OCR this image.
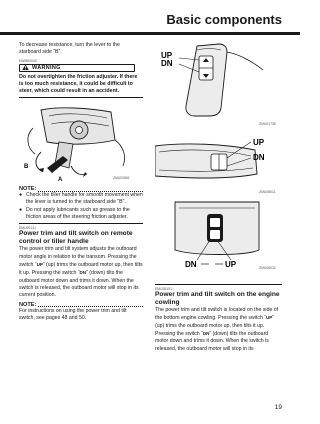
Basic components

To decrease resistance, turn the lever to the starboard side “B”.

EWM00040

WARNING

Do not overtighten the friction adjuster. If there is too much resistance, it could be difficult to steer, which could result in an accident.

B
A	ZMU02661
NOTE:
● Check the tiller handle for smooth movement when the lever is turned to the starboard side “B”.
● Do not apply lubricants such as grease to the friction areas of the steering friction adjuster.

EMU26141

Power trim and tilt switch on remote control or tiller handle

The power trim and tilt system adjusts the outboard motor angle in relation to the transom. Pressing the switch “UP” (up) trims the outboard motor up, then tilts it up. Pressing the switch “DN” (down) tilts the outboard motor down and trims it down. When the switch is released, the outboard motor will stop in its current position.

NOTE:

For instructions on using the power trim and tilt switch, see pages 48 and 50.

UP
DN
ZMU01735
UP
DN
ZMU05011
DN	UP	ZMU05032

EMU26151

Power trim and tilt switch on the engine cowling

The power trim and tilt switch is located on the side of the bottom engine cowling. Pressing the switch “UP” (up) trims the outboard motor up, then tilts it up. Pressing the switch “DN” (down) tilts the outboard motor down and trims it down. When the switch is released, the outboard motor will stop in its

19
